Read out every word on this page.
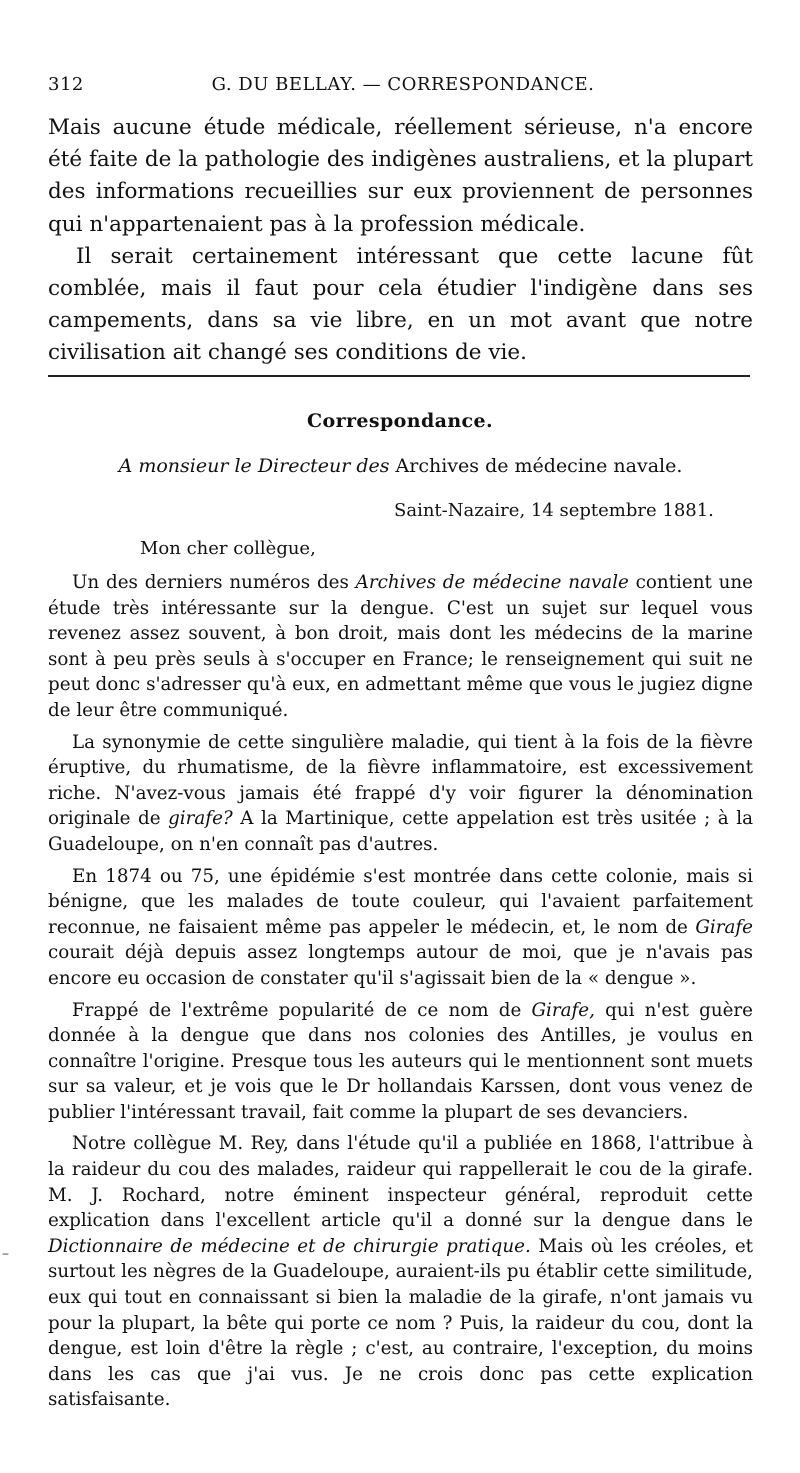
312	G. DU BELLAY. — CORRESPONDANCE.

Mais aucune étude médicale, réellement sérieuse, n'a encore été faite de la pathologie des indigènes australiens, et la plupart des informations recueillies sur eux proviennent de personnes qui n'appartenaient pas à la profession médicale.

Il serait certainement intéressant que cette lacune fût comblée, mais il faut pour cela étudier l'indigène dans ses campements, dans sa vie libre, en un mot avant que notre civilisation ait changé ses conditions de vie.

Correspondance.
A monsieur le Directeur des Archives de médecine navale.
Saint-Nazaire, 14 septembre 1881.
Mon cher collègue,

Un des derniers numéros des Archives de médecine navale contient une étude très intéressante sur la dengue. C'est un sujet sur lequel vous revenez assez souvent, à bon droit, mais dont les médecins de la marine sont à peu près seuls à s'occuper en France; le renseignement qui suit ne peut donc s'adresser qu'à eux, en admettant même que vous le jugiez digne de leur être communiqué.

La synonymie de cette singulière maladie, qui tient à la fois de la fièvre éruptive, du rhumatisme, de la fièvre inflammatoire, est excessivement riche. N'avez-vous jamais été frappé d'y voir figurer la dénomination originale de girafe? A la Martinique, cette appelation est très usitée ; à la Guadeloupe, on n'en connaît pas d'autres.

En 1874 ou 75, une épidémie s'est montrée dans cette colonie, mais si bénigne, que les malades de toute couleur, qui l'avaient parfaitement reconnue, ne faisaient même pas appeler le médecin, et, le nom de Girafe courait déjà depuis assez longtemps autour de moi, que je n'avais pas encore eu occasion de constater qu'il s'agissait bien de la « dengue ».

Frappé de l'extrême popularité de ce nom de Girafe, qui n'est guère donnée à la dengue que dans nos colonies des Antilles, je voulus en connaître l'origine. Presque tous les auteurs qui le mentionnent sont muets sur sa valeur, et je vois que le Dr hollandais Karssen, dont vous venez de publier l'intéressant travail, fait comme la plupart de ses devanciers.

Notre collègue M. Rey, dans l'étude qu'il a publiée en 1868, l'attribue à la raideur du cou des malades, raideur qui rappellerait le cou de la girafe. M. J. Rochard, notre éminent inspecteur général, reproduit cette explication dans l'excellent article qu'il a donné sur la dengue dans le Dictionnaire de médecine et de chirurgie pratique. Mais où les créoles, et surtout les nègres de la Guadeloupe, auraient-ils pu établir cette similitude, eux qui tout en connaissant si bien la maladie de la girafe, n'ont jamais vu pour la plupart, la bête qui porte ce nom ? Puis, la raideur du cou, dont la dengue, est loin d'être la règle ; c'est, au contraire, l'exception, du moins dans les cas que j'ai vus. Je ne crois donc pas cette explication satisfaisante.

–
